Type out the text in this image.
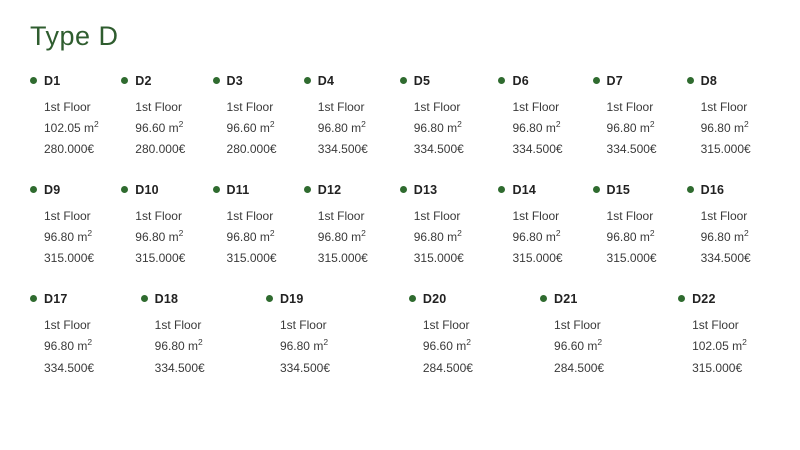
Type D
D1
1st Floor
102.05 $m^2$
280.000€
D2
1st Floor
96.60 $m^2$
280.000€
D3
1st Floor
96.60 $m^2$
280.000€
D4
1st Floor
96.80 $m^2$
334.500€
D5
1st Floor
96.80 $m^2$
334.500€
D6
1st Floor
96.80 $m^2$
334.500€
D7
1st Floor
96.80 $m^2$
334.500€
D8
1st Floor
96.80 $m^2$
315.000€
D9
1st Floor
96.80 $m^2$
315.000€
D10
1st Floor
96.80 $m^2$
315.000€
D11
1st Floor
96.80 $m^2$
315.000€
D12
1st Floor
96.80 $m^2$
315.000€
D13
1st Floor
96.80 $m^2$
315.000€
D14
1st Floor
96.80 $m^2$
315.000€
D15
1st Floor
96.80 $m^2$
315.000€
D16
1st Floor
96.80 $m^2$
334.500€
D17
1st Floor
96.80 $m^2$
334.500€
D18
1st Floor
96.80 $m^2$
334.500€
D19
1st Floor
96.80 $m^2$
334.500€
D20
1st Floor
96.60 $m^2$
284.500€
D21
1st Floor
96.60 $m^2$
284.500€
D22
1st Floor
102.05 $m^2$
315.000€
